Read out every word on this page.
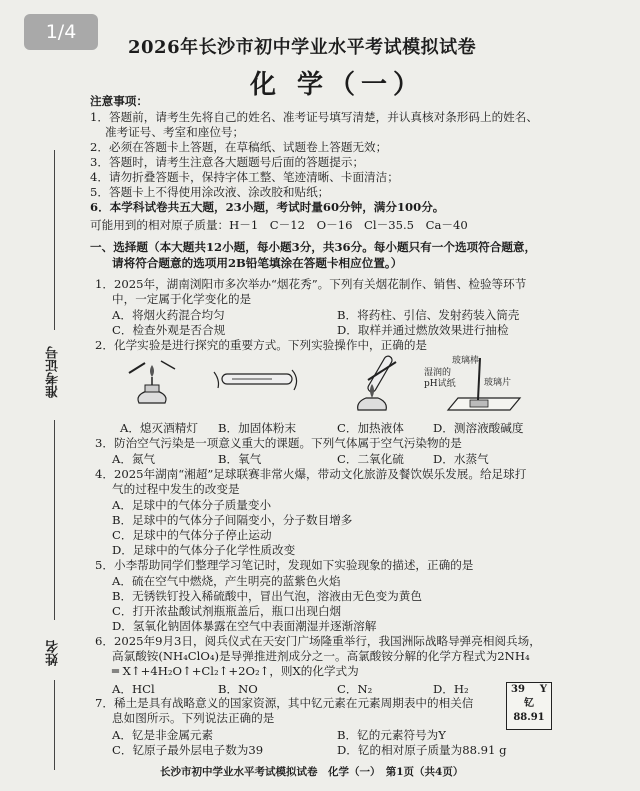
1/4
准考证号
姓名
2026年长沙市初中学业水平考试模拟试卷
化 学（一）
注意事项：
1．答题前，请考生先将自己的姓名、准考证号填写清楚，并认真核对条形码上的姓名、
准考证号、考室和座位号；
2．必须在答题卡上答题，在草稿纸、试题卷上答题无效；
3．答题时，请考生注意各大题题号后面的答题提示；
4．请勿折叠答题卡，保持字体工整、笔迹清晰、卡面清洁；
5．答题卡上不得使用涂改液、涂改胶和贴纸；
6．本学科试卷共五大题，23小题，考试时量60分钟，满分100分。
可能用到的相对原子质量：H－1　C－12　O－16　Cl－35.5　Ca－40
一、选择题（本大题共12小题，每小题3分，共36分。每小题只有一个选项符合题意，
请将符合题意的选项用2B铅笔填涂在答题卡相应位置。）
1．2025年，湖南浏阳市多次举办“烟花秀”。下列有关烟花制作、销售、检验等环节
中，一定属于化学变化的是
A．将烟火药混合均匀	B．将药柱、引信、发射药装入筒壳
C．检查外观是否合规	D．取样并通过燃放效果进行抽检
2．化学实验是进行探究的重要方式。下列实验操作中，正确的是
玻璃棒
湿润的
pH试纸	玻璃片
A．熄灭酒精灯 B．加固体粉末	C．加热液体	D．测溶液酸碱度
3．防治空气污染是一项意义重大的课题。下列气体属于空气污染物的是
A．氮气	B．氧气	C．二氧化硫	D．水蒸气
4．2025年湖南“湘超”足球联赛非常火爆，带动文化旅游及餐饮娱乐发展。给足球打
气的过程中发生的改变是
A．足球中的气体分子质量变小
B．足球中的气体分子间隔变小，分子数目增多
C．足球中的气体分子停止运动
D．足球中的气体分子化学性质改变
5．小李帮助同学们整理学习笔记时，发现如下实验现象的描述，正确的是
A．硫在空气中燃烧，产生明亮的蓝紫色火焰
B．无锈铁钉投入稀硫酸中，冒出气泡，溶液由无色变为黄色
C．打开浓盐酸试剂瓶瓶盖后，瓶口出现白烟
D．氢氧化钠固体暴露在空气中表面潮湿并逐渐溶解
6．2025年9月3日，阅兵仪式在天安门广场隆重举行，我国洲际战略导弹亮相阅兵场，
高氯酸铵(NH₄ClO₄)是导弹推进剂成分之一。高氯酸铵分解的化学方程式为2NH₄
═ X↑+4H₂O↑+Cl₂↑+2O₂↑，则X的化学式为
A．HCl	B．NO	C．N₂	D．H₂
7．稀土是具有战略意义的国家资源，其中钇元素在元素周期表中的相关信
息如图所示。下列说法正确的是
A．钇是非金属元素	B．钇的元素符号为Y
C．钇原子最外层电子数为39	D．钇的相对原子质量为88.91 g
39 Y
钇
88.91
长沙市初中学业水平考试模拟试卷　化学（一）　第1页（共4页）
